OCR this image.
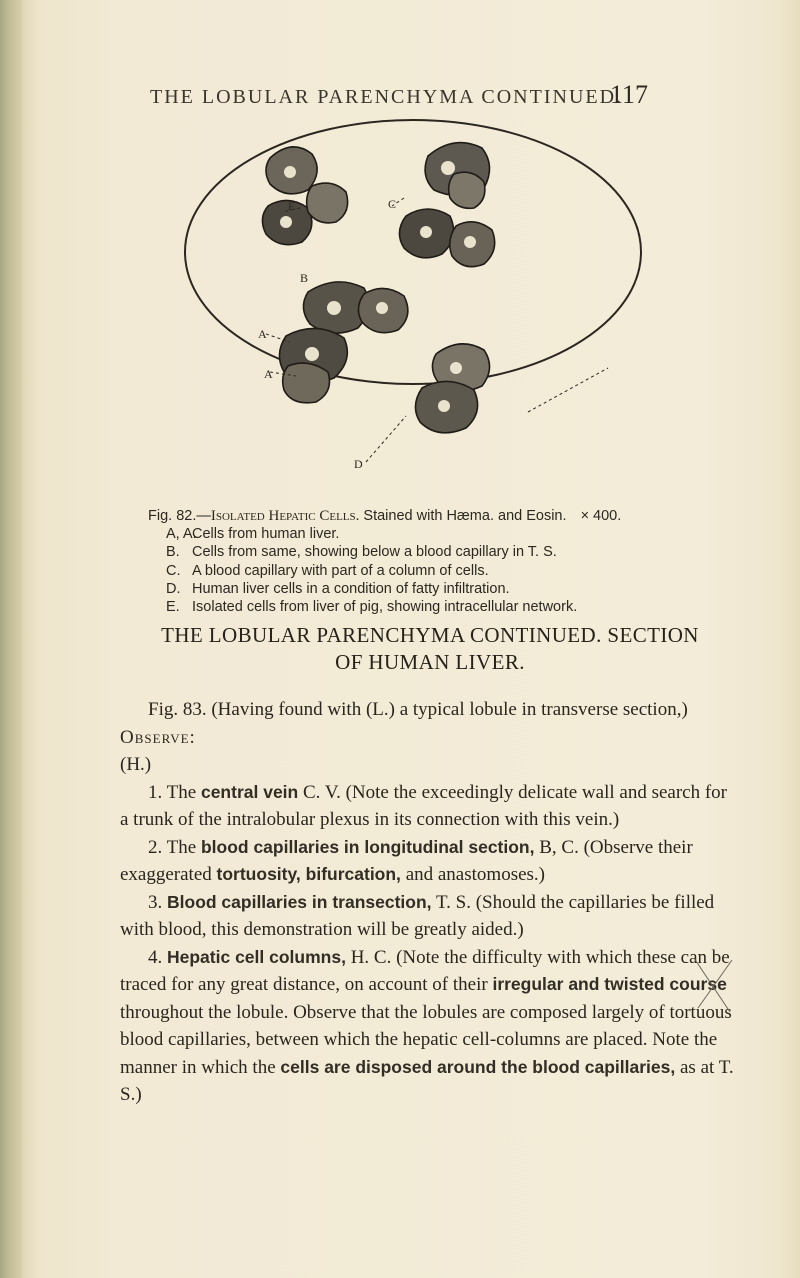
THE LOBULAR PARENCHYMA CONTINUED.
117
E	C
B
A
A
D
Fig. 82.—Isolated Hepatic Cells. Stained with Hæma. and Eosin. × 400.
A, A.Cells from human liver.
B. Cells from same, showing below a blood capillary in T. S.
C. A blood capillary with part of a column of cells.
D. Human liver cells in a condition of fatty infiltration.
E. Isolated cells from liver of pig, showing intracellular network.
THE LOBULAR PARENCHYMA CONTINUED. SECTION
OF HUMAN LIVER.

Fig. 83. (Having found with (L.) a typical lobule in transverse section,)

Observe:

(H.)

1. The central vein C. V. (Note the exceedingly delicate wall and search for a trunk of the intralobular plexus in its connection with this vein.)

2. The blood capillaries in longitudinal section, B, C. (Observe their exaggerated tortuosity, bifurcation, and anastomoses.)

3. Blood capillaries in transection, T. S. (Should the capillaries be filled with blood, this demonstration will be greatly aided.)

4. Hepatic cell columns, H. C. (Note the difficulty with which these can be traced for any great distance, on account of their irregular and twisted course throughout the lobule. Observe that the lobules are composed largely of tortuous blood capillaries, between which the hepatic cell-columns are placed. Note the manner in which the cells are disposed around the blood capillaries, as at T. S.)
